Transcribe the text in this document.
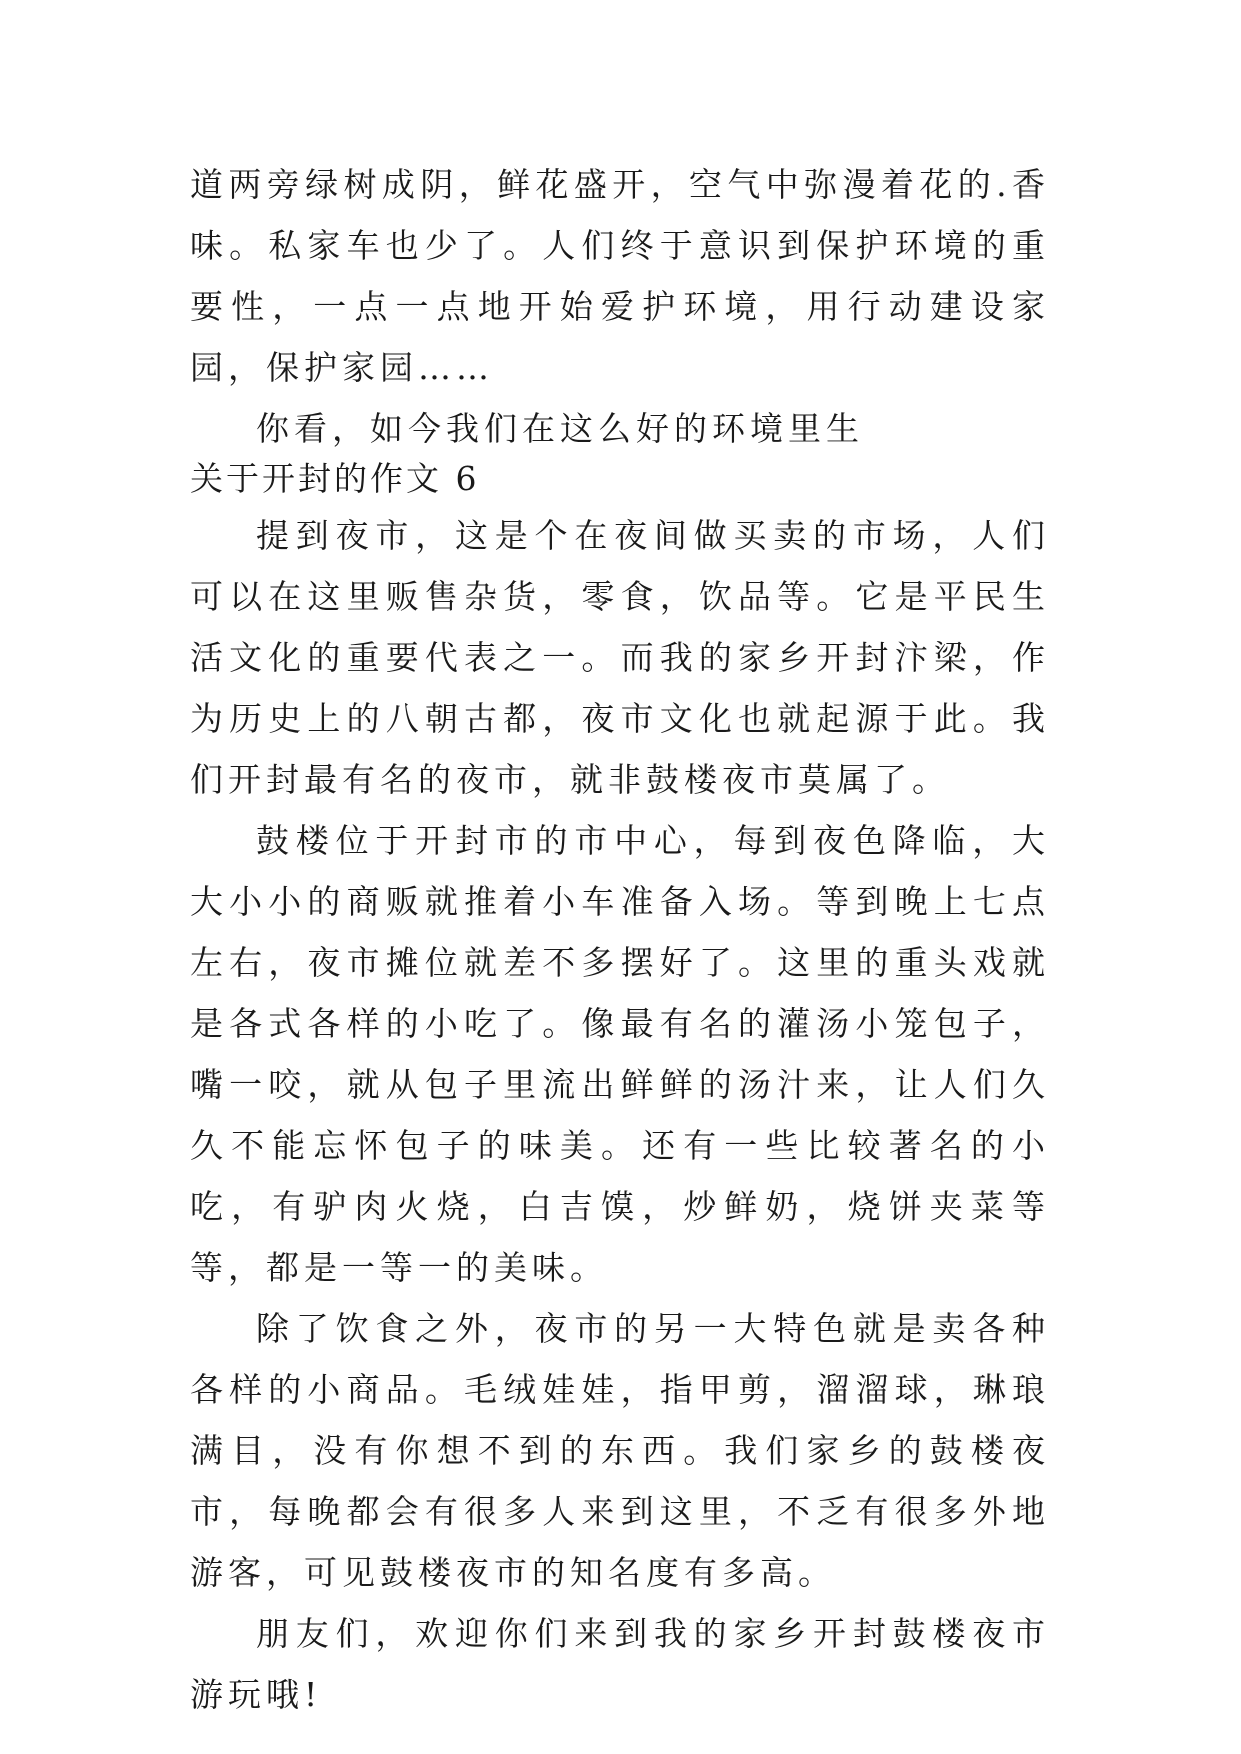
道两旁绿树成阴，鲜花盛开，空气中弥漫着花的.香味。私家车也少了。人们终于意识到保护环境的重要性，一点一点地开始爱护环境，用行动建设家园，保护家园……

你看，如今我们在这么好的环境里生

关于开封的作文 6

提到夜市，这是个在夜间做买卖的市场，人们可以在这里贩售杂货，零食，饮品等。它是平民生活文化的重要代表之一。而我的家乡开封汴梁，作为历史上的八朝古都，夜市文化也就起源于此。我们开封最有名的夜市，就非鼓楼夜市莫属了。

鼓楼位于开封市的市中心，每到夜色降临，大大小小的商贩就推着小车准备入场。等到晚上七点左右，夜市摊位就差不多摆好了。这里的重头戏就是各式各样的小吃了。像最有名的灌汤小笼包子，嘴一咬，就从包子里流出鲜鲜的汤汁来，让人们久久不能忘怀包子的味美。还有一些比较著名的小吃，有驴肉火烧，白吉馍，炒鲜奶，烧饼夹菜等等，都是一等一的美味。

除了饮食之外，夜市的另一大特色就是卖各种各样的小商品。毛绒娃娃，指甲剪，溜溜球，琳琅满目，没有你想不到的东西。我们家乡的鼓楼夜市，每晚都会有很多人来到这里，不乏有很多外地游客，可见鼓楼夜市的知名度有多高。

朋友们，欢迎你们来到我的家乡开封鼓楼夜市游玩哦!
